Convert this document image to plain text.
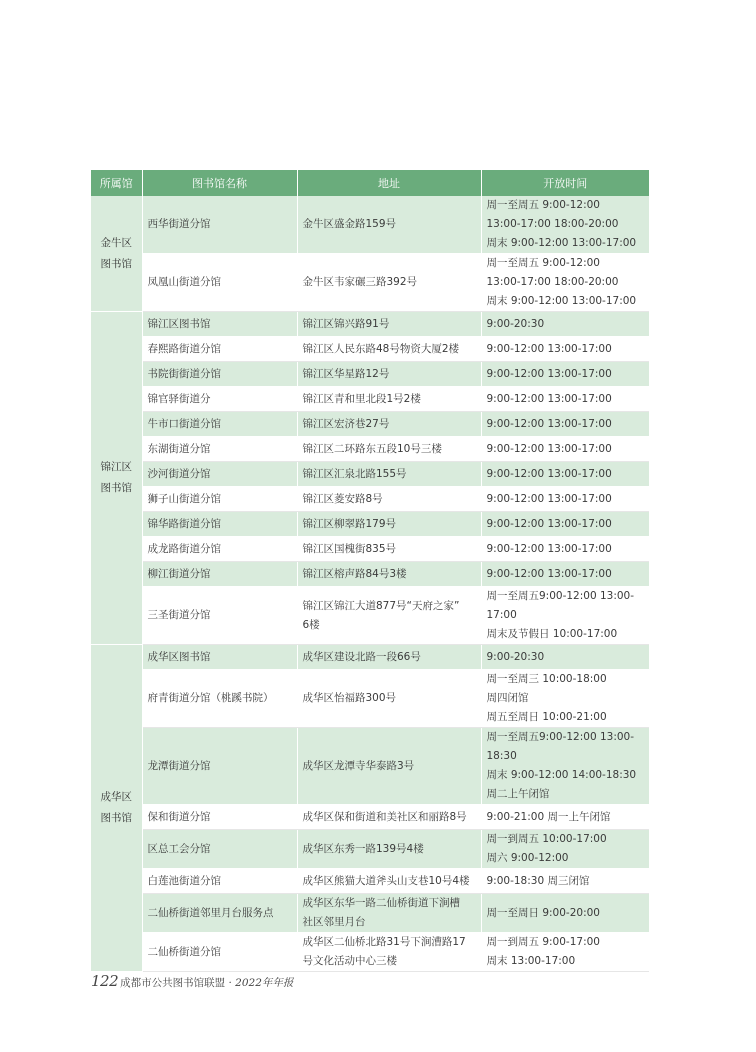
所属馆	图书馆名称	地址	开放时间

金牛区
图书馆	西华街道分馆	金牛区盛金路159号	周一至周五 9:00-12:00
13:00-17:00 18:00-20:00
周末 9:00-12:00 13:00-17:00

	凤凰山街道分馆	金牛区韦家碾三路392号	周一至周五 9:00-12:00
13:00-17:00 18:00-20:00
周末 9:00-12:00 13:00-17:00

锦江区
图书馆	锦江区图书馆	锦江区锦兴路91号	9:00-20:30

	春熙路街道分馆	锦江区人民东路48号物资大厦2楼	9:00-12:00 13:00-17:00

	书院街街道分馆	锦江区华星路12号	9:00-12:00 13:00-17:00

	锦官驿街道分	锦江区青和里北段1号2楼	9:00-12:00 13:00-17:00

	牛市口街道分馆	锦江区宏济巷27号	9:00-12:00 13:00-17:00

	东湖街道分馆	锦江区二环路东五段10号三楼	9:00-12:00 13:00-17:00

	沙河街道分馆	锦江区汇泉北路155号	9:00-12:00 13:00-17:00

	狮子山街道分馆	锦江区菱安路8号	9:00-12:00 13:00-17:00

	锦华路街道分馆	锦江区柳翠路179号	9:00-12:00 13:00-17:00

	成龙路街道分馆	锦江区国槐街835号	9:00-12:00 13:00-17:00

	柳江街道分馆	锦江区榕声路84号3楼	9:00-12:00 13:00-17:00

	三圣街道分馆	锦江区锦江大道877号“天府之家”
6楼	周一至周五9:00-12:00 13:00-17:00
周末及节假日 10:00-17:00

成华区
图书馆	成华区图书馆	成华区建设北路一段66号	9:00-20:30

	府青街道分馆（桃蹊书院）	成华区怡福路300号	周一至周三 10:00-18:00
周四闭馆
周五至周日 10:00-21:00

	龙潭街道分馆	成华区龙潭寺华泰路3号	周一至周五9:00-12:00 13:00-18:30
周末 9:00-12:00 14:00-18:30
周二上午闭馆

	保和街道分馆	成华区保和街道和美社区和丽路8号	9:00-21:00 周一上午闭馆

	区总工会分馆	成华区东秀一路139号4楼	周一到周五 10:00-17:00
周六 9:00-12:00

	白莲池街道分馆	成华区熊猫大道斧头山支巷10号4楼	9:00-18:30 周三闭馆

	二仙桥街道邻里月台服务点	成华区东华一路二仙桥街道下涧槽
社区邻里月台	周一至周日 9:00-20:00

	二仙桥街道分馆	成华区二仙桥北路31号下涧漕路17
号文化活动中心三楼	周一到周五 9:00-17:00
周末 13:00-17:00
122 成都市公共图书馆联盟 · 2022年年报
